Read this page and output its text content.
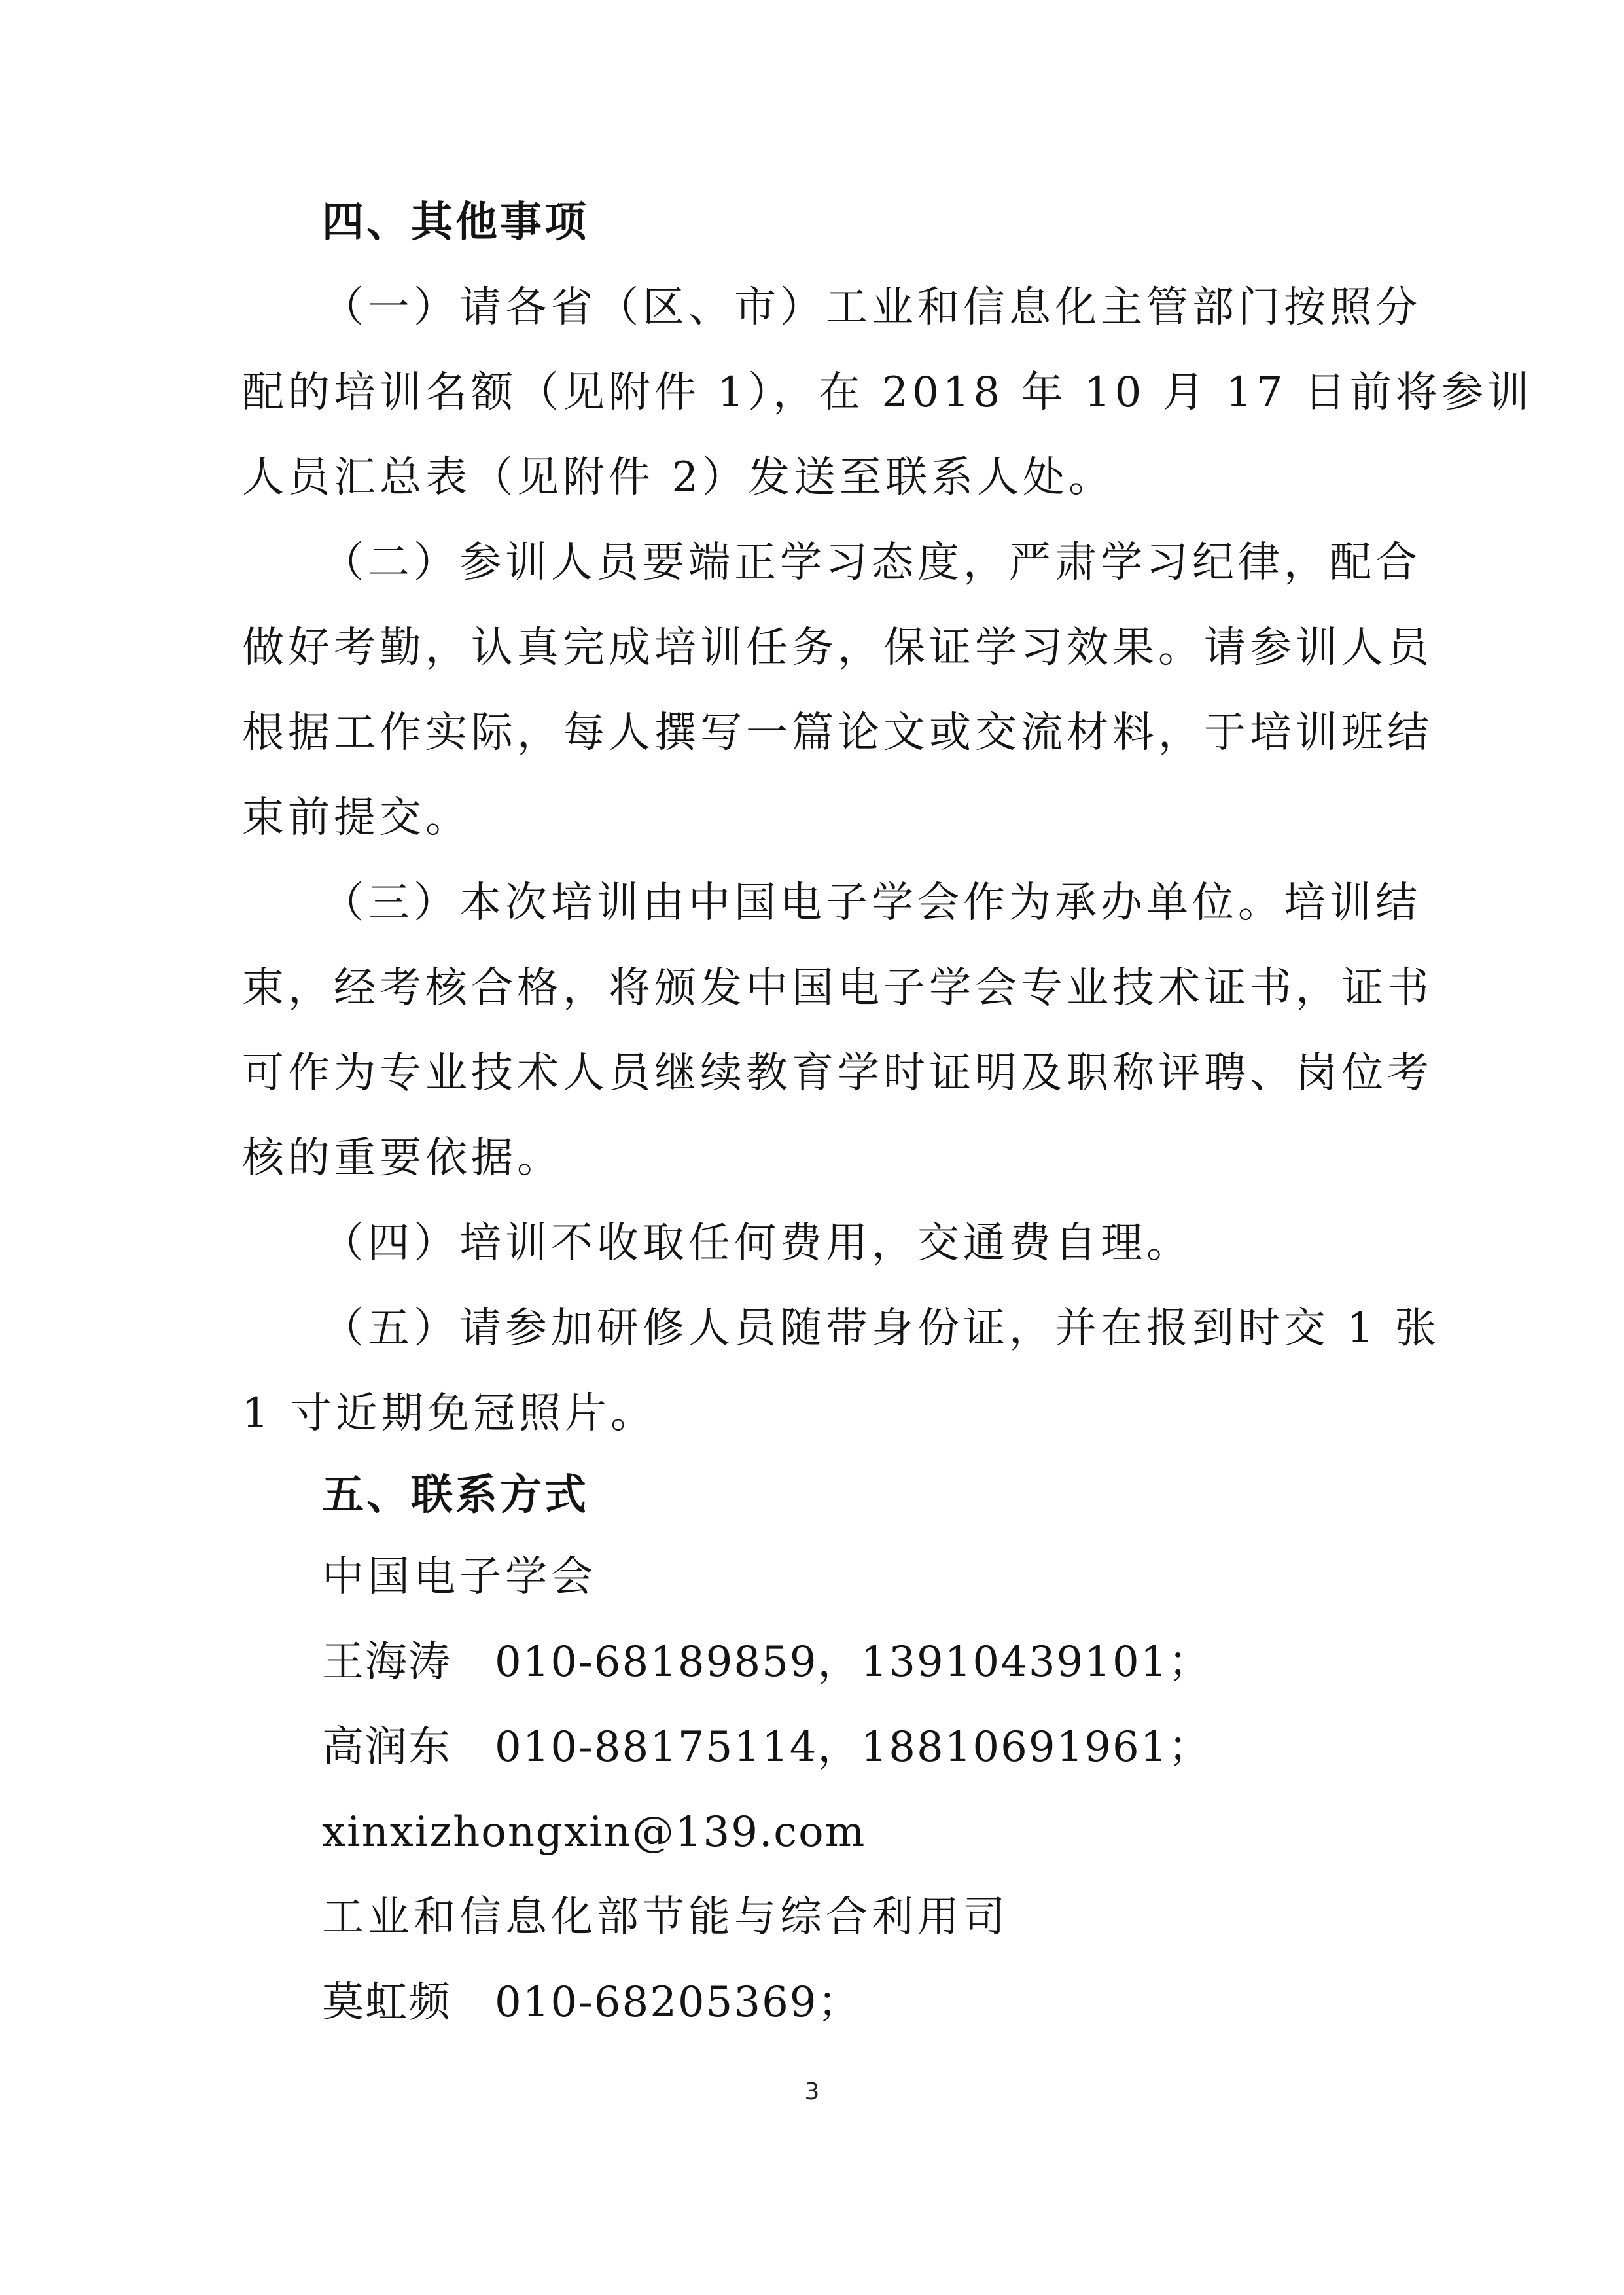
四、其他事项
（一）请各省（区、市）工业和信息化主管部门按照分
配的培训名额（见附件 1），在 2018 年 10 月 17 日前将参训
人员汇总表（见附件 2）发送至联系人处。
（二）参训人员要端正学习态度，严肃学习纪律，配合
做好考勤，认真完成培训任务，保证学习效果。请参训人员
根据工作实际，每人撰写一篇论文或交流材料，于培训班结
束前提交。
（三）本次培训由中国电子学会作为承办单位。培训结
束，经考核合格，将颁发中国电子学会专业技术证书，证书
可作为专业技术人员继续教育学时证明及职称评聘、岗位考
核的重要依据。
（四）培训不收取任何费用，交通费自理。
（五）请参加研修人员随带身份证，并在报到时交 1 张
1 寸近期免冠照片。
五、联系方式
中国电子学会
王海涛　010-68189859，13910439101；
高润东　010-88175114，18810691961；
xinxizhongxin@139.com
工业和信息化部节能与综合利用司
莫虹频　010-68205369；
3
